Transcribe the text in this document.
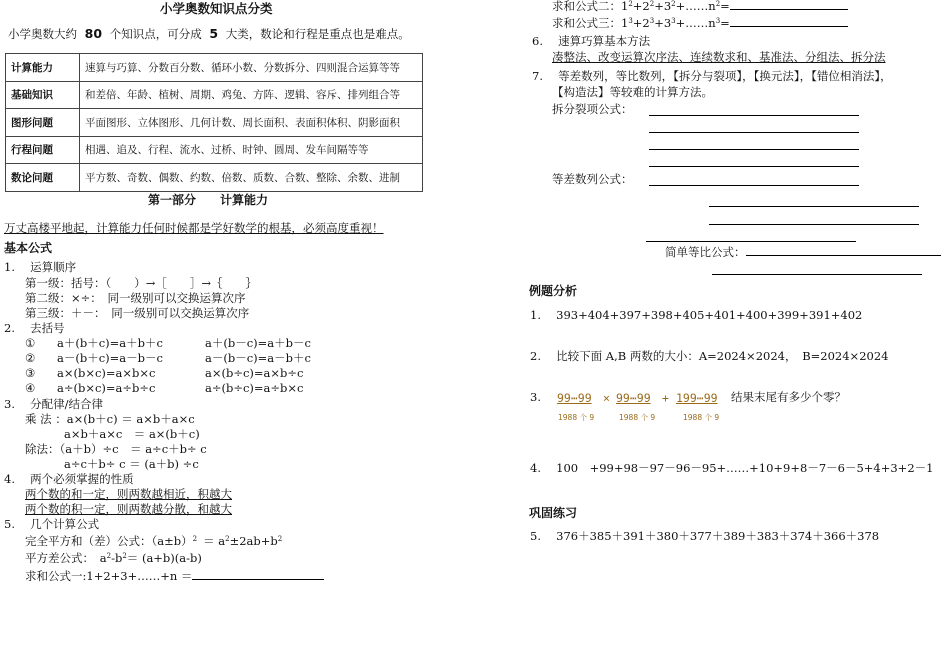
小学奥数知识点分类
小学奥数大约 80 个知识点，可分成 5 大类，数论和行程是重点也是难点。
计算能力	速算与巧算、分数百分数、循环小数、分数拆分、四则混合运算等等
基础知识	和差倍、年龄、植树、周期、鸡兔、方阵、逻辑、容斥、排列组合等
图形问题	平面图形、立体图形、几何计数、周长面积、表面积体积、阴影面积
行程问题	相遇、追及、行程、流水、过桥、时钟、圆周、发车间隔等等
数论问题	平方数、奇数、偶数、约数、倍数、质数、合数、整除、余数、进制
第一部分　　计算能力
万丈高楼平地起，计算能力任何时候都是学好数学的根基，必须高度重视！
基本公式
1.　 运算顺序
第一级：括号：（　　）→［　　］→｛　　｝
第二级：×÷：　同一级别可以交换运算次序
第三级：＋－：　同一级别可以交换运算次序
2.　 去括号
① a＋(b＋c)=a＋b＋c	a＋(b－c)=a＋b－c
② a－(b＋c)=a－b－c	a－(b－c)=a－b＋c
③ a×(b×c)=a×b×c	a×(b÷c)=a×b÷c
④ a÷(b×c)=a÷b÷c	a÷(b÷c)=a÷b×c
3.　 分配律/结合律
乘 法 ：a×(b＋c) ＝ a×b＋a×c
a×b＋a×c　＝ a×(b＋c)
除法：（a＋b）÷c　＝ a÷c＋b÷ c
a÷c＋b÷ c ＝ (a＋b) ÷c
4.　 两个必须掌握的性质
两个数的和一定，则两数越相近，积越大
两个数的积一定，则两数越分散，和越大
5.　 几个计算公式
完全平方和（差）公式：$(a\pm b)^2 = a^2\pm 2ab+b^2$
平方差公式：　$a^2-b^2= (a+b)(a-b)$
求和公式一:1+2+3+……+n ＝
求和公式二：$1^2+2^2+3^2+\dots\dots n^2=$
求和公式三：$1^3+2^3+3^3+\dots\dots n^3=$
6.　 速算巧算基本方法
凑整法、改变运算次序法、连续数求和、基准法、分组法、拆分法
7.　 等差数列，等比数列，【拆分与裂项】，【换元法】，【错位相消法】，
【构造法】等较难的计算方法。
拆分裂项公式：
等差数列公式：
简单等比公式：
例题分析
1.　 393+404+397+398+405+401+400+399+391+402
2.　 比较下面 A,B 两数的大小：A=2024×2024，　B=2024×2024
3. 99⋯99 × 99⋯99 + 199⋯99 结果末尾有多少个零？
1988 个 9	1988 个 9	1988 个 9
4.　 100　+99+98－97－96－95+……+10+9+8－7－6－5+4+3+2－1
巩固练习
5.　 376＋385＋391＋380＋377＋389＋383＋374＋366＋378
